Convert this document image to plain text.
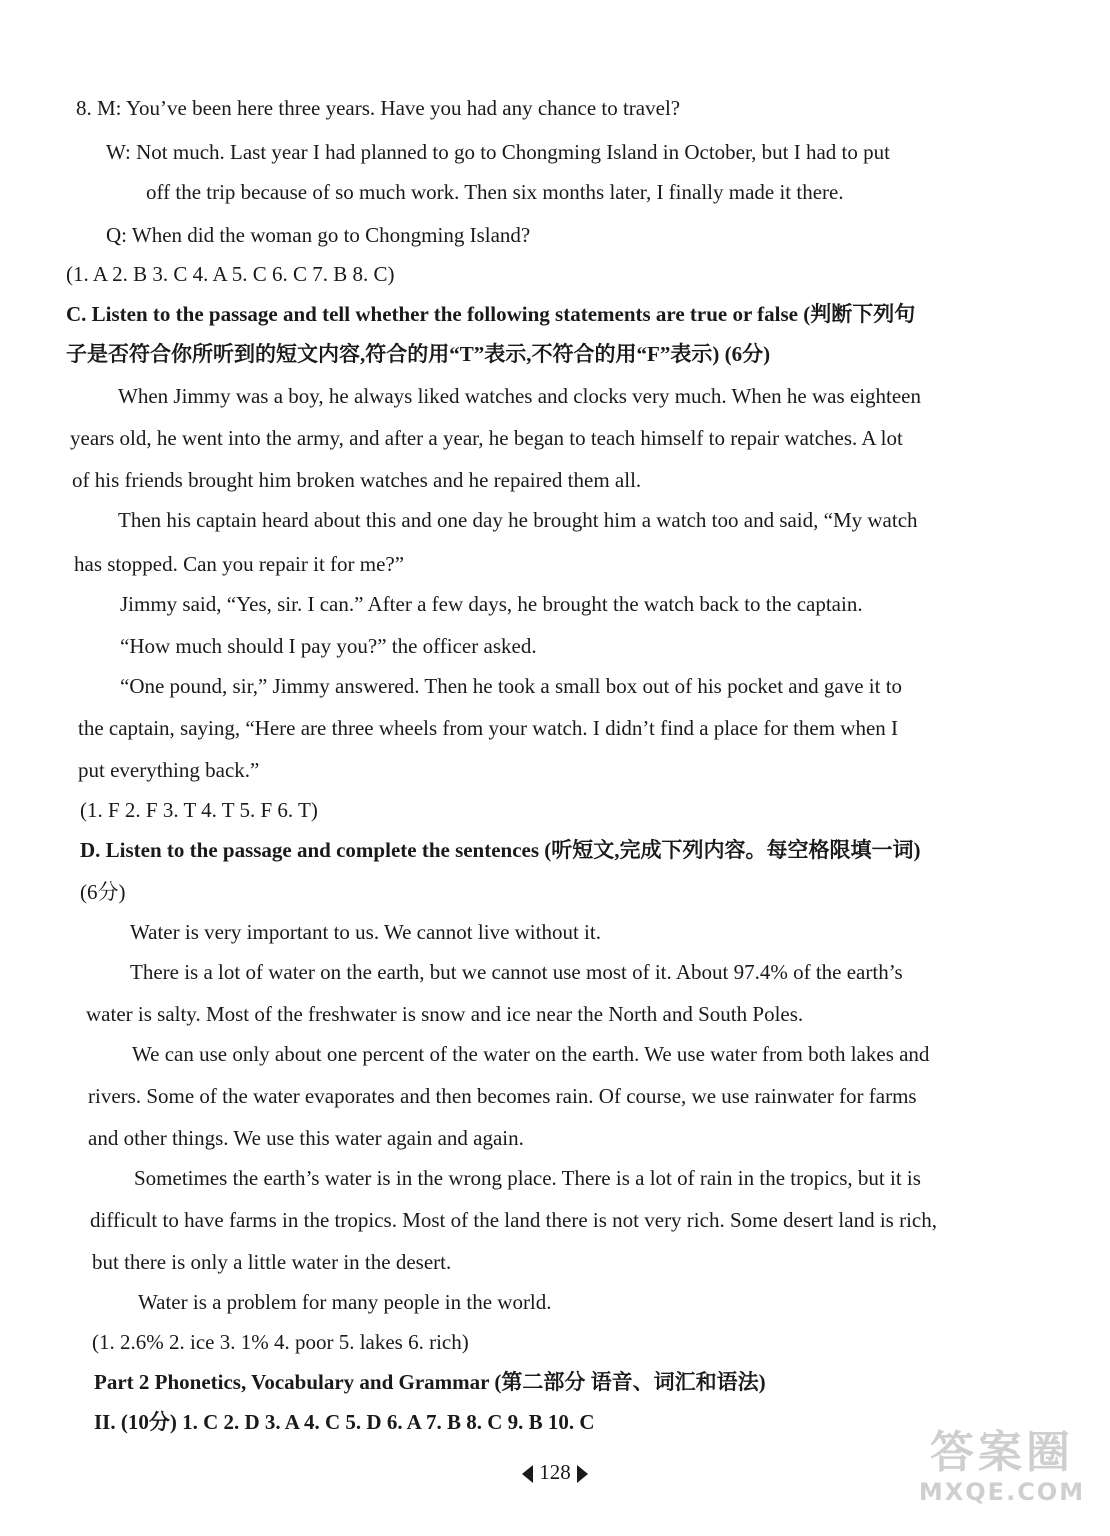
8. M: You’ve been here three years. Have you had any chance to travel?
W: Not much. Last year I had planned to go to Chongming Island in October, but I had to put
off the trip because of so much work. Then six months later, I finally made it there.
Q: When did the woman go to Chongming Island?
(1. A 2. B 3. C 4. A 5. C 6. C 7. B 8. C)
C. Listen to the passage and tell whether the following statements are true or false (判断下列句
子是否符合你所听到的短文内容,符合的用“T”表示,不符合的用“F”表示) (6分)
When Jimmy was a boy, he always liked watches and clocks very much. When he was eighteen
years old, he went into the army, and after a year, he began to teach himself to repair watches. A lot
of his friends brought him broken watches and he repaired them all.
Then his captain heard about this and one day he brought him a watch too and said, “My watch
has stopped. Can you repair it for me?”
Jimmy said, “Yes, sir. I can.” After a few days, he brought the watch back to the captain.
“How much should I pay you?” the officer asked.
“One pound, sir,” Jimmy answered. Then he took a small box out of his pocket and gave it to
the captain, saying, “Here are three wheels from your watch. I didn’t find a place for them when I
put everything back.”
(1. F 2. F 3. T 4. T 5. F 6. T)
D. Listen to the passage and complete the sentences (听短文,完成下列内容。每空格限填一词)
(6分)
Water is very important to us. We cannot live without it.
There is a lot of water on the earth, but we cannot use most of it. About 97.4% of the earth’s
water is salty. Most of the freshwater is snow and ice near the North and South Poles.
We can use only about one percent of the water on the earth. We use water from both lakes and
rivers. Some of the water evaporates and then becomes rain. Of course, we use rainwater for farms
and other things. We use this water again and again.
Sometimes the earth’s water is in the wrong place. There is a lot of rain in the tropics, but it is
difficult to have farms in the tropics. Most of the land there is not very rich. Some desert land is rich,
but there is only a little water in the desert.
Water is a problem for many people in the world.
(1. 2.6% 2. ice 3. 1% 4. poor 5. lakes 6. rich)
Part 2 Phonetics, Vocabulary and Grammar (第二部分 语音、词汇和语法)
II. (10分) 1. C 2. D 3. A 4. C 5. D 6. A 7. B 8. C 9. B 10. C
128	答案圈
MXQE.COM
